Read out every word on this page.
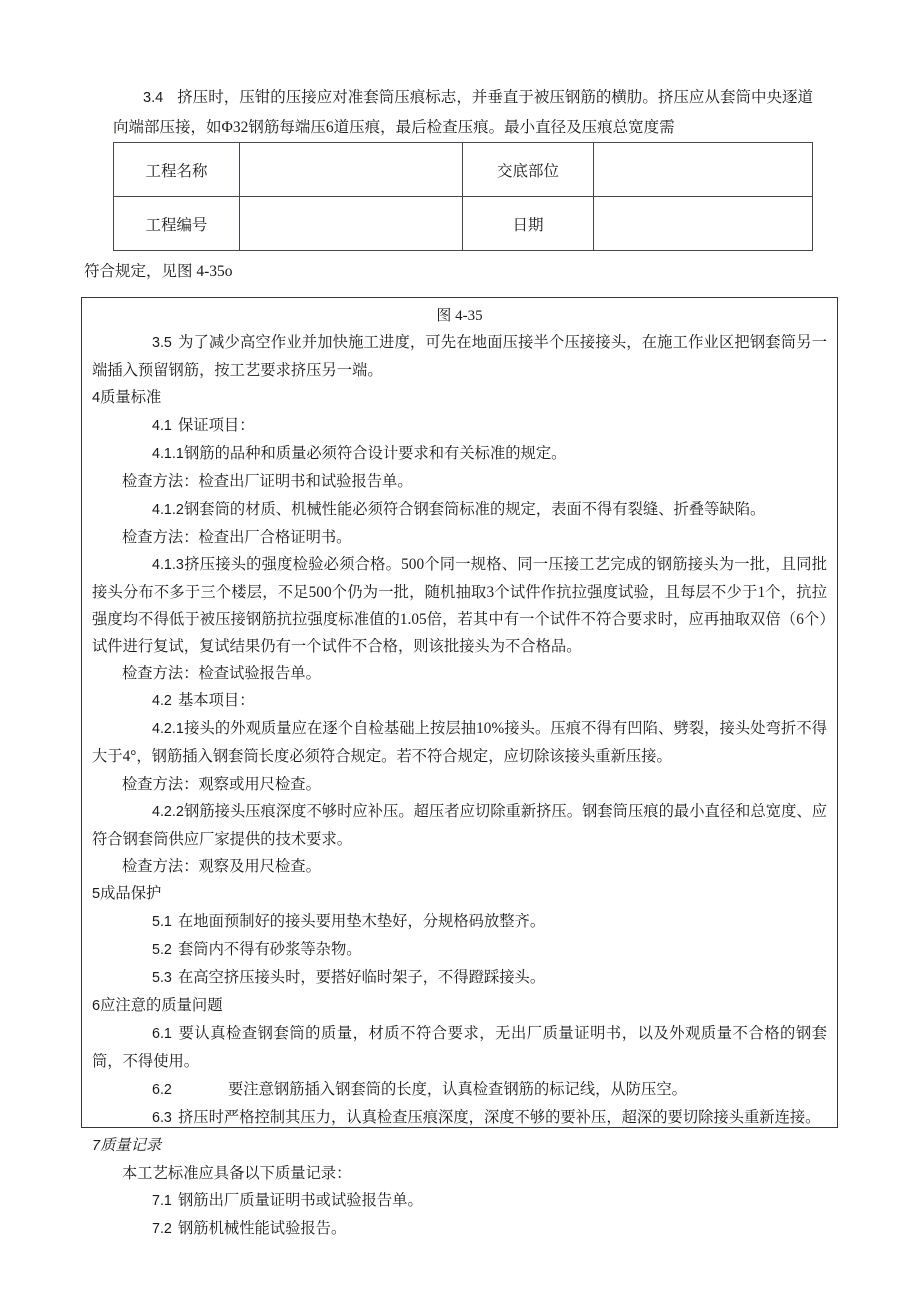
3.4 挤压时，压钳的压接应对准套筒压痕标志，并垂直于被压钢筋的横肋。挤压应从套筒中央逐道向端部压接，如Φ32钢筋每端压6道压痕，最后检查压痕。最小直径及压痕总宽度需
工程名称		交底部位	
工程编号		日期	
符合规定，见图 4-35o
图 4-35

3.5 为了减少高空作业并加快施工进度，可先在地面压接半个压接接头，在施工作业区把钢套筒另一端插入预留钢筋，按工艺要求挤压另一端。

4质量标准

4.1 保证项目：

4.1.1钢筋的品种和质量必须符合设计要求和有关标准的规定。

检查方法：检查出厂证明书和试验报告单。

4.1.2钢套筒的材质、机械性能必须符合钢套筒标准的规定，表面不得有裂缝、折叠等缺陷。

检查方法：检查出厂合格证明书。

4.1.3挤压接头的强度检验必须合格。500个同一规格、同一压接工艺完成的钢筋接头为一批，且同批接头分布不多于三个楼层，不足500个仍为一批，随机抽取3个试件作抗拉强度试验，且每层不少于1个，抗拉强度均不得低于被压接钢筋抗拉强度标准值的1.05倍，若其中有一个试件不符合要求时，应再抽取双倍（6个）试件进行复试，复试结果仍有一个试件不合格，则该批接头为不合格品。

检查方法：检查试验报告单。

4.2 基本项目：

4.2.1接头的外观质量应在逐个自检基础上按层抽10%接头。压痕不得有凹陷、劈裂，接头处弯折不得大于4°，钢筋插入钢套筒长度必须符合规定。若不符合规定，应切除该接头重新压接。

检查方法：观察或用尺检查。

4.2.2钢筋接头压痕深度不够时应补压。超压者应切除重新挤压。钢套筒压痕的最小直径和总宽度、应符合钢套筒供应厂家提供的技术要求。

检查方法：观察及用尺检查。

5成品保护

5.1 在地面预制好的接头要用垫木垫好，分规格码放整齐。

5.2 套筒内不得有砂浆等杂物。

5.3 在高空挤压接头时，要搭好临时架子，不得蹬踩接头。

6应注意的质量问题

6.1 要认真检查钢套筒的质量，材质不符合要求，无出厂质量证明书，以及外观质量不合格的钢套筒，不得使用。

6.2	要注意钢筋插入钢套筒的长度，认真检查钢筋的标记线，从防压空。

6.3 挤压时严格控制其压力，认真检查压痕深度，深度不够的要补压，超深的要切除接头重新连接。

7质量记录

本工艺标准应具备以下质量记录：

7.1 钢筋出厂质量证明书或试验报告单。

7.2 钢筋机械性能试验报告。
